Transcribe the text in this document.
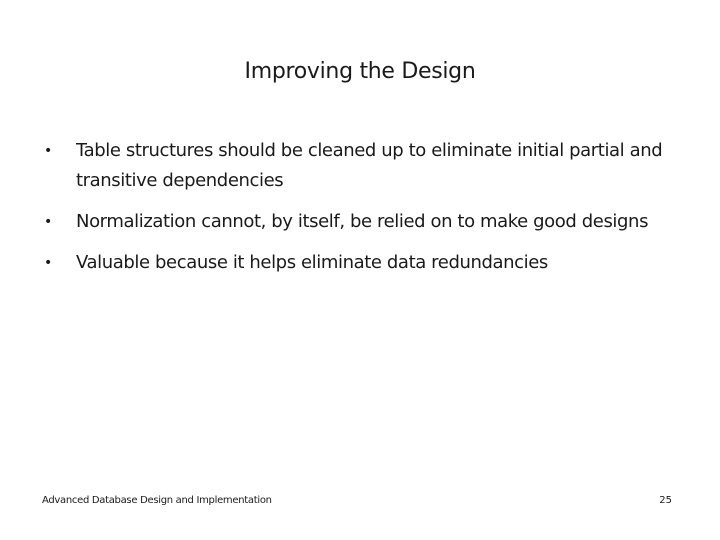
Improving the Design
• Table structures should be cleaned up to eliminate initial partial and transitive dependencies
• Normalization cannot, by itself, be relied on to make good designs
• Valuable because it helps eliminate data redundancies
Advanced Database Design and Implementation	25
